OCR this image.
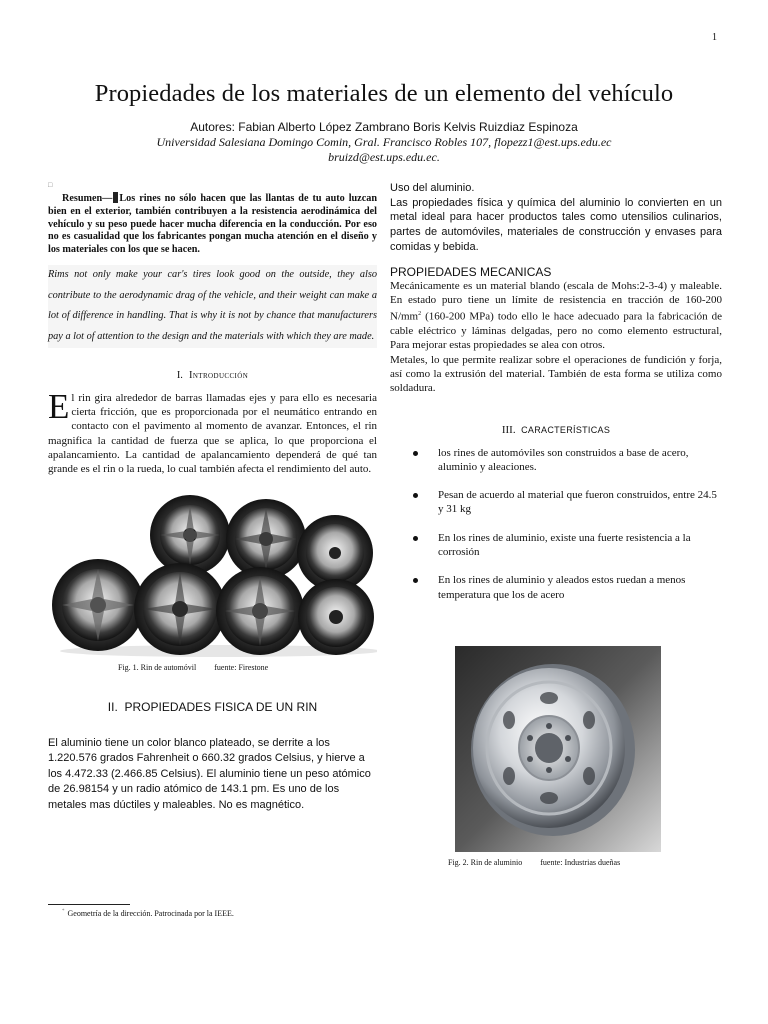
1
Propiedades de los materiales de un elemento del vehículo
Autores: Fabian Alberto López Zambrano Boris Kelvis Ruizdiaz Espinoza
Universidad Salesiana Domingo Comin, Gral. Francisco Robles 107, flopezz1@est.ups.edu.ec
bruizd@est.ups.edu.ec.
□

Resumen— Los rines no sólo hacen que las llantas de tu auto luzcan bien en el exterior, también contribuyen a la resistencia aerodinámica del vehículo y su peso puede hacer mucha diferencia en la conducción. Por eso no es casualidad que los fabricantes pongan mucha atención en el diseño y los materiales con los que se hacen.

Rims not only make your car's tires look good on the outside, they also contribute to the aerodynamic drag of the vehicle, and their weight can make a lot of difference in handling. That is why it is not by chance that manufacturers pay a lot of attention to the design and the materials with which they are made.

I. Introducción

El rin gira alrededor de barras llamadas ejes y para ello es necesaria cierta fricción, que es proporcionada por el neumático entrando en contacto con el pavimento al momento de avanzar. Entonces, el rin magnifica la cantidad de fuerza que se aplica, lo que proporciona el apalancamiento. La cantidad de apalancamiento dependerá de qué tan grande es el rin o la rueda, lo cual también afecta el rendimiento del auto.

Fig. 1. Rin de automóvil fuente: Firestone
II. PROPIEDADES FISICA DE UN RIN

El aluminio tiene un color blanco plateado, se derrite a los 1.220.576 grados Fahrenheit o 660.32 grados Celsius, y hierve a los 4.472.33 (2.466.85 Celsius). El aluminio tiene un peso atómico de 26.98154 y un radio atómico de 143.1 pm. Es uno de los metales mas dúctiles y maleables. No es magnético.

* Geometría de la dirección. Patrocinada por la IEEE.
Uso del aluminio.
Las propiedades física y química del aluminio lo convierten en un metal ideal para hacer productos tales como utensilios culinarios, partes de automóviles, materiales de construcción y envases para comidas y bebida.
PROPIEDADES MECANICAS

Mecánicamente es un material blando (escala de Mohs:2-3-4) y maleable. En estado puro tiene un límite de resistencia en tracción de 160-200 $N/mm^2$ (160-200 MPa) todo ello le hace adecuado para la fabricación de cable eléctrico y láminas delgadas, pero no como elemento estructural, Para mejorar estas propiedades se alea con otros.

Metales, lo que permite realizar sobre el operaciones de fundición y forja, así como la extrusión del material. También de esta forma se utiliza como soldadura.

III. CARACTERÍSTICAS
los rines de automóviles son construidos a base de acero, aluminio y aleaciones.
Pesan de acuerdo al material que fueron construidos, entre 24.5 y 31 kg
En los rines de aluminio, existe una fuerte resistencia a la corrosión
En los rines de aluminio y aleados estos ruedan a menos temperatura que los de acero
Fig. 2. Rin de aluminio fuente: Industrias dueñas
